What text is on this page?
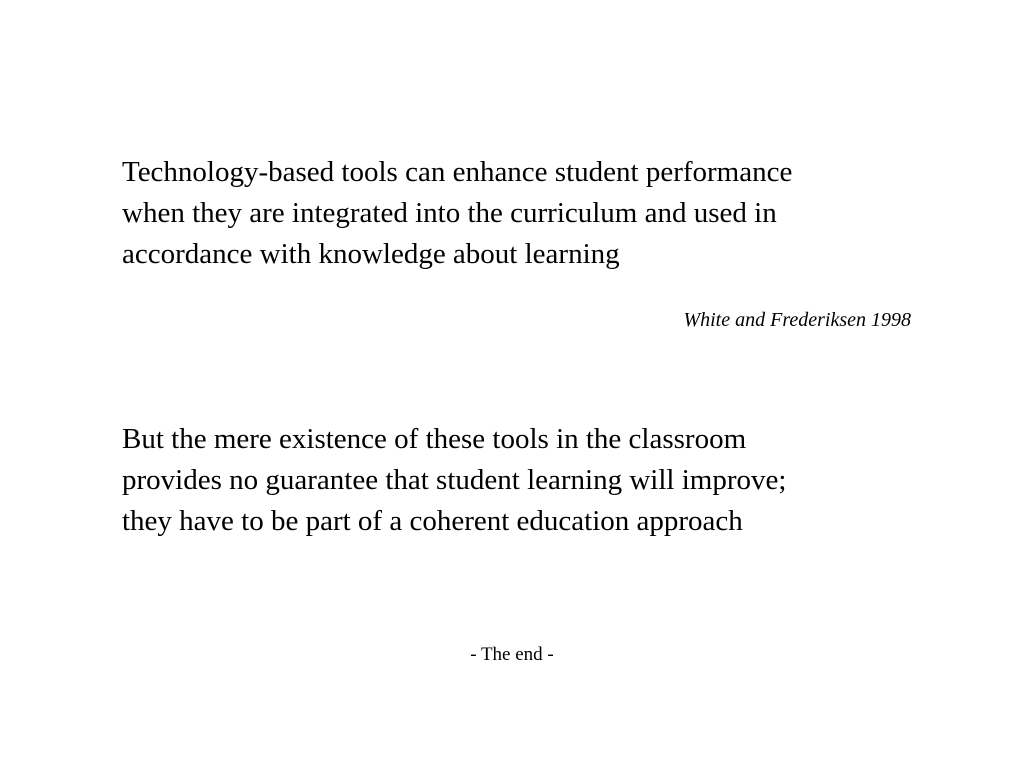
Technology-based tools can enhance student performance
when they are integrated into the curriculum and used in
accordance with knowledge about learning

White and Frederiksen 1998

But the mere existence of these tools in the classroom
provides no guarantee that student learning will improve;
they have to be part of a coherent education approach

- The end -
